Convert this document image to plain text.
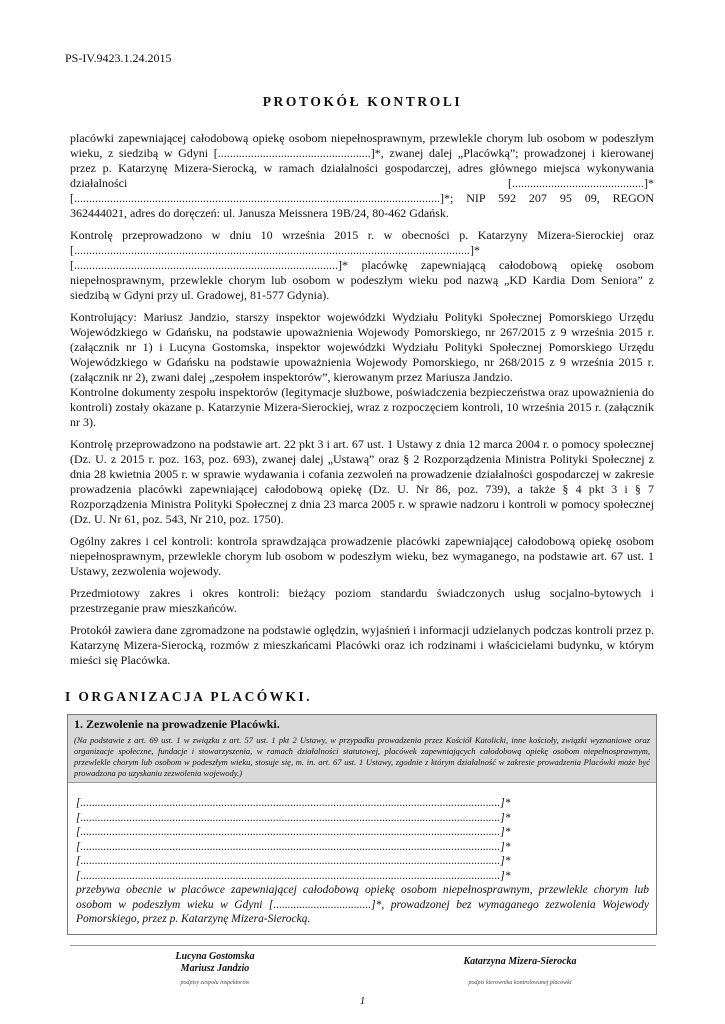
PS-IV.9423.1.24.2015
PROTOKÓŁ KONTROLI

placówki zapewniającej całodobową opiekę osobom niepełnosprawnym, przewlekle chorym lub osobom w podeszłym wieku, z siedzibą w Gdyni [...................................................]*, zwanej dalej „Placówką”; prowadzonej i kierowanej przez p. Katarzynę Mizera-Sierocką, w ramach działalności gospodarczej, adres głównego miejsca wykonywania działalności [............................................]* [..........................................................................................................................]*; NIP 592 207 95 09, REGON 362444021, adres do doręczeń: ul. Janusza Meissnera 19B/24, 80-462 Gdańsk.

Kontrolę przeprowadzono w dniu 10 września 2015 r. w obecności p. Katarzyny Mizera-Sierockiej oraz [....................................................................................................................................]* [........................................................................................]* placówkę zapewniającą całodobową opiekę osobom niepełnosprawnym, przewlekle chorym lub osobom w podeszłym wieku pod nazwą „KD Kardia Dom Seniora” z siedzibą w Gdyni przy ul. Gradowej, 81-577 Gdynia).

Kontrolujący: Mariusz Jandzio, starszy inspektor wojewódzki Wydziału Polityki Społecznej Pomorskiego Urzędu Wojewódzkiego w Gdańsku, na podstawie upoważnienia Wojewody Pomorskiego, nr 267/2015 z 9 września 2015 r. (załącznik nr 1) i Lucyna Gostomska, inspektor wojewódzki Wydziału Polityki Społecznej Pomorskiego Urzędu Wojewódzkiego w Gdańsku na podstawie upoważnienia Wojewody Pomorskiego, nr 268/2015 z 9 września 2015 r. (załącznik nr 2), zwani dalej „zespołem inspektorów”, kierowanym przez Mariusza Jandzio.

Kontrolne dokumenty zespołu inspektorów (legitymacje służbowe, poświadczenia bezpieczeństwa oraz upoważnienia do kontroli) zostały okazane p. Katarzynie Mizera-Sierockiej, wraz z rozpoczęciem kontroli, 10 września 2015 r. (załącznik nr 3).

Kontrolę przeprowadzono na podstawie art. 22 pkt 3 i art. 67 ust. 1 Ustawy z dnia 12 marca 2004 r. o pomocy społecznej (Dz. U. z 2015 r. poz. 163, poz. 693), zwanej dalej „Ustawą” oraz § 2 Rozporządzenia Ministra Polityki Społecznej z dnia 28 kwietnia 2005 r. w sprawie wydawania i cofania zezwoleń na prowadzenie działalności gospodarczej w zakresie prowadzenia placówki zapewniającej całodobową opiekę (Dz. U. Nr 86, poz. 739), a także § 4 pkt 3 i § 7 Rozporządzenia Ministra Polityki Społecznej z dnia 23 marca 2005 r. w sprawie nadzoru i kontroli w pomocy społecznej (Dz. U. Nr 61, poz. 543, Nr 210, poz. 1750).

Ogólny zakres i cel kontroli: kontrola sprawdzająca prowadzenie placówki zapewniającej całodobową opiekę osobom niepełnosprawnym, przewlekle chorym lub osobom w podeszłym wieku, bez wymaganego, na podstawie art. 67 ust. 1 Ustawy, zezwolenia wojewody.

Przedmiotowy zakres i okres kontroli: bieżący poziom standardu świadczonych usług socjalno-bytowych i przestrzeganie praw mieszkańców.

Protokół zawiera dane zgromadzone na podstawie oględzin, wyjaśnień i informacji udzielanych podczas kontroli przez p. Katarzynę Mizera-Sierocką, rozmów z mieszkańcami Placówki oraz ich rodzinami i właścicielami budynku, w którym mieści się Placówka.

I ORGANIZACJA PLACÓWKI.
1. Zezwolenie na prowadzenie Placówki.
(Na podstawie z art. 69 ust. 1 w związku z art. 57 ust. 1 pkt 2 Ustawy, w przypadku prowadzenia przez Kościół Katolicki, inne kościoły, związki wyznaniowe oraz organizacje społeczne, fundacje i stowarzyszenia, w ramach działalności statutowej, placówek zapewniających całodobową opiekę osobom niepełnosprawnym, przewlekle chorym lub osobom w podeszłym wieku, stosuje się, m. in. art. 67 ust. 1 Ustawy, zgodnie z którym działalność w zakresie prowadzenia Placówki może być prowadzona po uzyskaniu zezwolenia wojewody.)
[..................................................................................................................................................]*
[..................................................................................................................................................]*
[..................................................................................................................................................]*
[..................................................................................................................................................]*
[..................................................................................................................................................]*
[..................................................................................................................................................]*
przebywa obecnie w placówce zapewniającej całodobową opiekę osobom niepełnosprawnym, przewlekle chorym lub osobom w podeszłym wieku w Gdyni [..................................]*, prowadzonej bez wymaganego zezwolenia Wojewody Pomorskiego, przez p. Katarzynę Mizera-Sierocką.
Lucyna Gostomska
Mariusz Jandzio
Katarzyna Mizera-Sierocka
podpisy zespołu inspektorów	podpis kierownika kontrolowanej placówki
1
